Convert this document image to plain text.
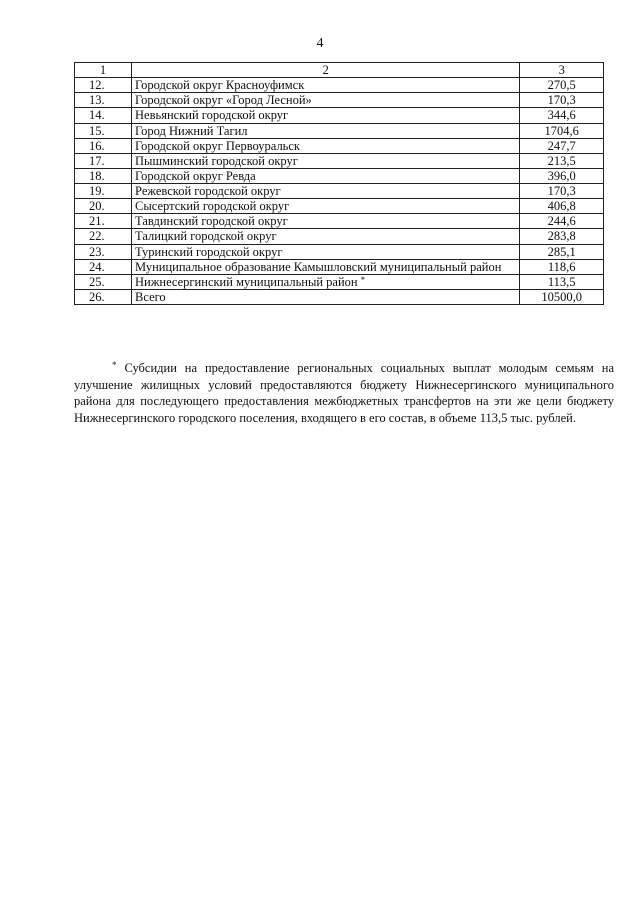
4
1	2	3
12.	Городской округ Красноуфимск	270,5
13.	Городской округ «Город Лесной»	170,3
14.	Невьянский городской округ	344,6
15.	Город Нижний Тагил	1704,6
16.	Городской округ Первоуральск	247,7
17.	Пышминский городской округ	213,5
18.	Городской округ Ревда	396,0
19.	Режевской городской округ	170,3
20.	Сысертский городской округ	406,8
21.	Тавдинский городской округ	244,6
22.	Талицкий городской округ	283,8
23.	Туринский городской округ	285,1
24.	Муниципальное образование Камышловский муниципальный район	118,6
25.	Нижнесергинский муниципальный район *	113,5
26.	Всего	10500,0
* Субсидии на предоставление региональных социальных выплат молодым семьям на улучшение жилищных условий предоставляются бюджету Нижнесергинского муниципального района для последующего предоставления межбюджетных трансфертов на эти же цели бюджету Нижнесергинского городского поселения, входящего в его состав, в объеме 113,5 тыс. рублей.
